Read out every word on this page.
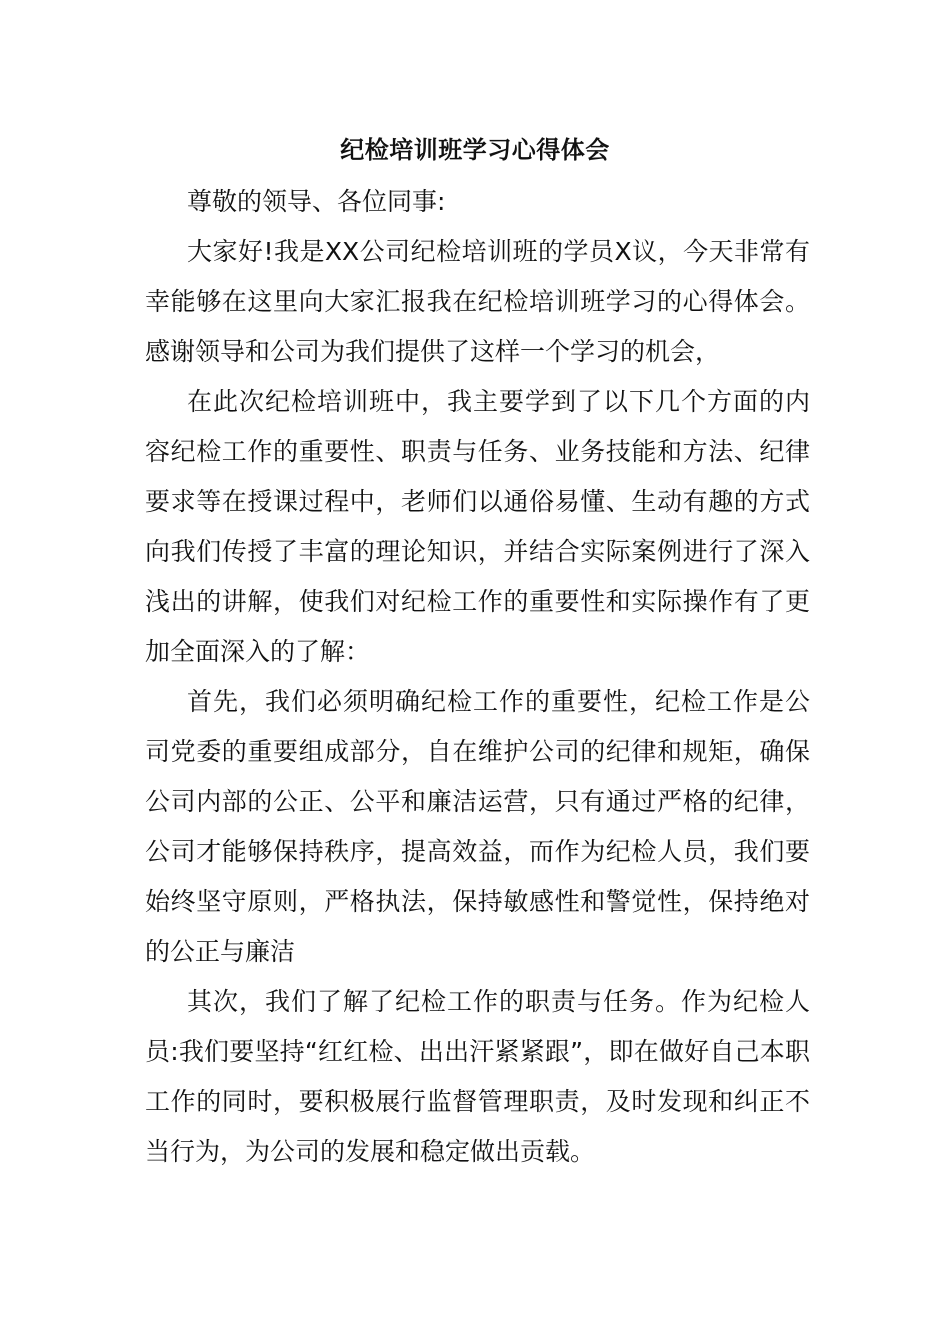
纪检培训班学习心得体会

尊敬的领导、各位同事:

大家好!我是XX公司纪检培训班的学员X议，今天非常有幸能够在这里向大家汇报我在纪检培训班学习的心得体会。感谢领导和公司为我们提供了这样一个学习的机会，

在此次纪检培训班中，我主要学到了以下几个方面的内容纪检工作的重要性、职责与任务、业务技能和方法、纪律要求等在授课过程中，老师们以通俗易懂、生动有趣的方式向我们传授了丰富的理论知识，并结合实际案例进行了深入浅出的讲解，使我们对纪检工作的重要性和实际操作有了更加全面深入的了解：

首先，我们必须明确纪检工作的重要性，纪检工作是公司党委的重要组成部分，自在维护公司的纪律和规矩，确保公司内部的公正、公平和廉洁运营，只有通过严格的纪律，公司才能够保持秩序，提高效益，而作为纪检人员，我们要始终坚守原则，严格执法，保持敏感性和警觉性，保持绝对的公正与廉洁

其次，我们了解了纪检工作的职责与任务。作为纪检人员:我们要坚持“红红检、出出汗紧紧跟”，即在做好自己本职工作的同时，要积极展行监督管理职责，及时发现和纠正不当行为，为公司的发展和稳定做出贡载。
